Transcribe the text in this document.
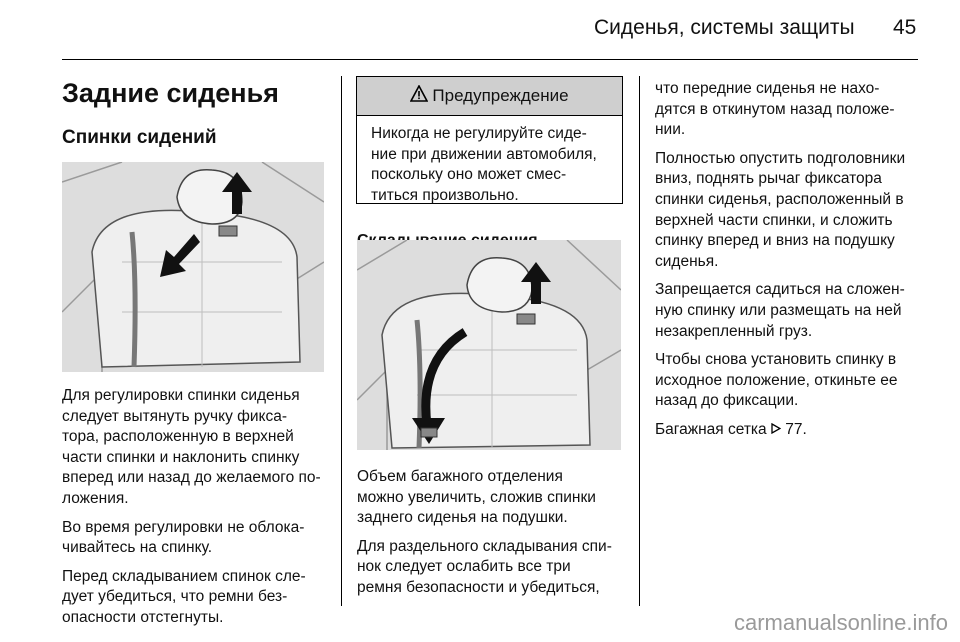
Сиденья, системы защиты 45
Задние сиденья
Спинки сидений

Для регулировки спинки сиденья
следует вытянуть ручку фикса-
тора, расположенную в верхней
части спинки и наклонить спинку
вперед или назад до желаемого по-
ложения.

Во время регулировки не облока-
чивайтесь на спинку.

Перед складыванием спинок сле-
дует убедиться, что ремни без-
опасности отстегнуты.

Предупреждение
Никогда не регулируйте сиде-
ние при движении автомобиля,
поскольку оно может смес-
титься произвольно.

Объем багажного отделения
можно увеличить, сложив спинки
заднего сиденья на подушки.

Для раздельного складывания спи-
нок следует ослабить все три
ремня безопасности и убедиться,

что передние сиденья не нахо-
дятся в откинутом назад положе-
нии.

Полностью опустить подголовники
вниз, поднять рычаг фиксатора
спинки сиденья, расположенный в
верхней части спинки, и сложить
спинку вперед и вниз на подушку
сиденья.

Запрещается садиться на сложен-
ную спинку или размещать на ней
незакрепленный груз.

Чтобы снова установить спинку в
исходное положение, откиньте ее
назад до фиксации.

Багажная сетка 77.

carmanualsonline.info
